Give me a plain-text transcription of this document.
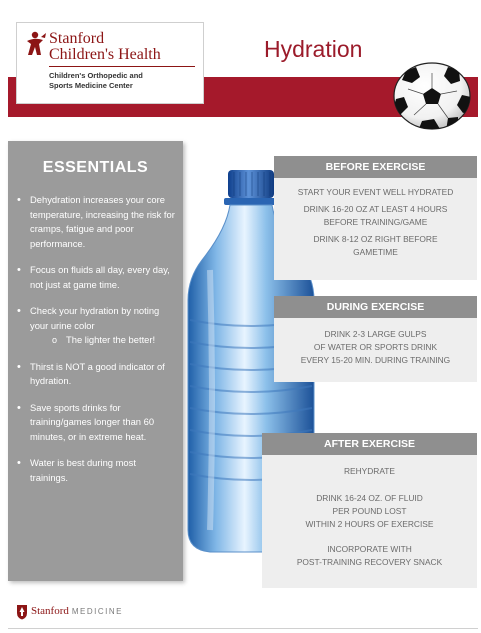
Stanford
Children's Health
Children's Orthopedic and
Sports Medicine Center
Hydration
ESSENTIALS
• Dehydration increases your core temperature, increasing the risk for cramps, fatigue and poor performance.
• Focus on fluids all day, every day, not just at game time.
• Check your hydration by noting your urine color
o The lighter the better!
• Thirst is NOT a good indicator of hydration.
• Save sports drinks for training/games longer than 60 minutes, or in extreme heat.
• Water is best during most trainings.
BEFORE EXERCISE

START YOUR EVENT WELL HYDRATED

DRINK 16-20 OZ AT LEAST 4 HOURS

BEFORE TRAINING/GAME

DRINK 8-12 OZ RIGHT BEFORE

GAMETIME

DURING EXERCISE

DRINK 2-3 LARGE GULPS

OF WATER OR SPORTS DRINK

EVERY 15-20 MIN. DURING TRAINING

AFTER EXERCISE

REHYDRATE

DRINK 16-24 OZ. OF FLUID

PER POUND LOST

WITHIN 2 HOURS OF EXERCISE

INCORPORATE WITH

POST-TRAINING RECOVERY SNACK

Stanford MEDICINE
